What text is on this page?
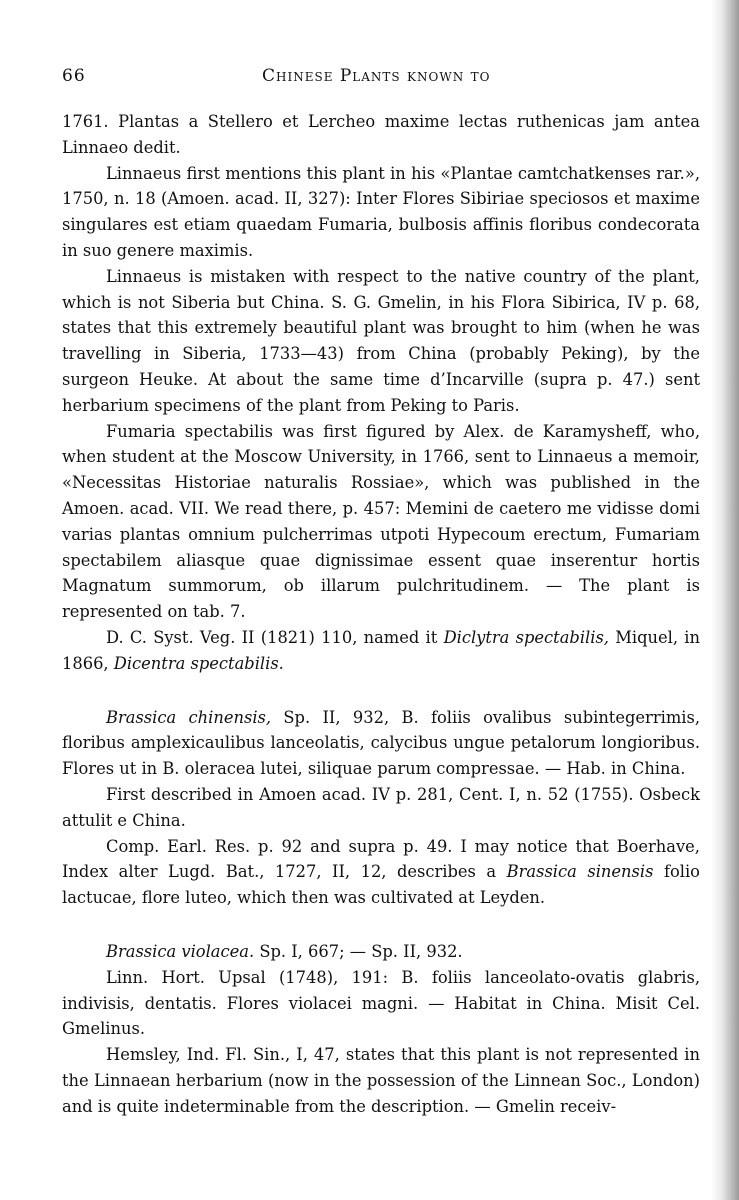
66	Chinese Plants known to

1761. Plantas a Stellero et Lercheo maxime lectas ruthenicas jam antea Linnaeo dedit.

Linnaeus first mentions this plant in his «Plantae camtchatkenses rar.», 1750, n. 18 (Amoen. acad. II, 327): Inter Flores Sibiriae speciosos et maxime singulares est etiam quaedam Fumaria, bulbosis affinis floribus condecorata in suo genere maximis.

Linnaeus is mistaken with respect to the native country of the plant, which is not Siberia but China. S. G. Gmelin, in his Flora Sibirica, IV p. 68, states that this extremely beautiful plant was brought to him (when he was travelling in Siberia, 1733—43) from China (probably Peking), by the surgeon Heuke. At about the same time d’Incarville (supra p. 47.) sent herbarium specimens of the plant from Peking to Paris.

Fumaria spectabilis was first figured by Alex. de Karamysheff, who, when student at the Moscow University, in 1766, sent to Linnaeus a memoir, «Necessitas Historiae naturalis Rossiae», which was published in the Amoen. acad. VII. We read there, p. 457: Memini de caetero me vidisse domi varias plantas omnium pulcherrimas utpoti Hypecoum erectum, Fumariam spectabilem aliasque quae dignissimae essent quae inserentur hortis Magnatum summorum, ob illarum pulchritudinem. — The plant is represented on tab. 7.

D. C. Syst. Veg. II (1821) 110, named it Diclytra spectabilis, Miquel, in 1866, Dicentra spectabilis.

Brassica chinensis, Sp. II, 932, B. foliis ovalibus subintegerrimis, floribus amplexicaulibus lanceolatis, calycibus ungue petalorum longioribus. Flores ut in B. oleracea lutei, siliquae parum compressae. — Hab. in China.

First described in Amoen acad. IV p. 281, Cent. I, n. 52 (1755). Osbeck attulit e China.

Comp. Earl. Res. p. 92 and supra p. 49. I may notice that Boerhave, Index alter Lugd. Bat., 1727, II, 12, describes a Brassica sinensis folio lactucae, flore luteo, which then was cultivated at Leyden.

Brassica violacea. Sp. I, 667; — Sp. II, 932.

Linn. Hort. Upsal (1748), 191: B. foliis lanceolato-ovatis glabris, indivisis, dentatis. Flores violacei magni. — Habitat in China. Misit Cel. Gmelinus.

Hemsley, Ind. Fl. Sin., I, 47, states that this plant is not represented in the Linnaean herbarium (now in the possession of the Linnean Soc., London) and is quite indeterminable from the description. — Gmelin receiv-
